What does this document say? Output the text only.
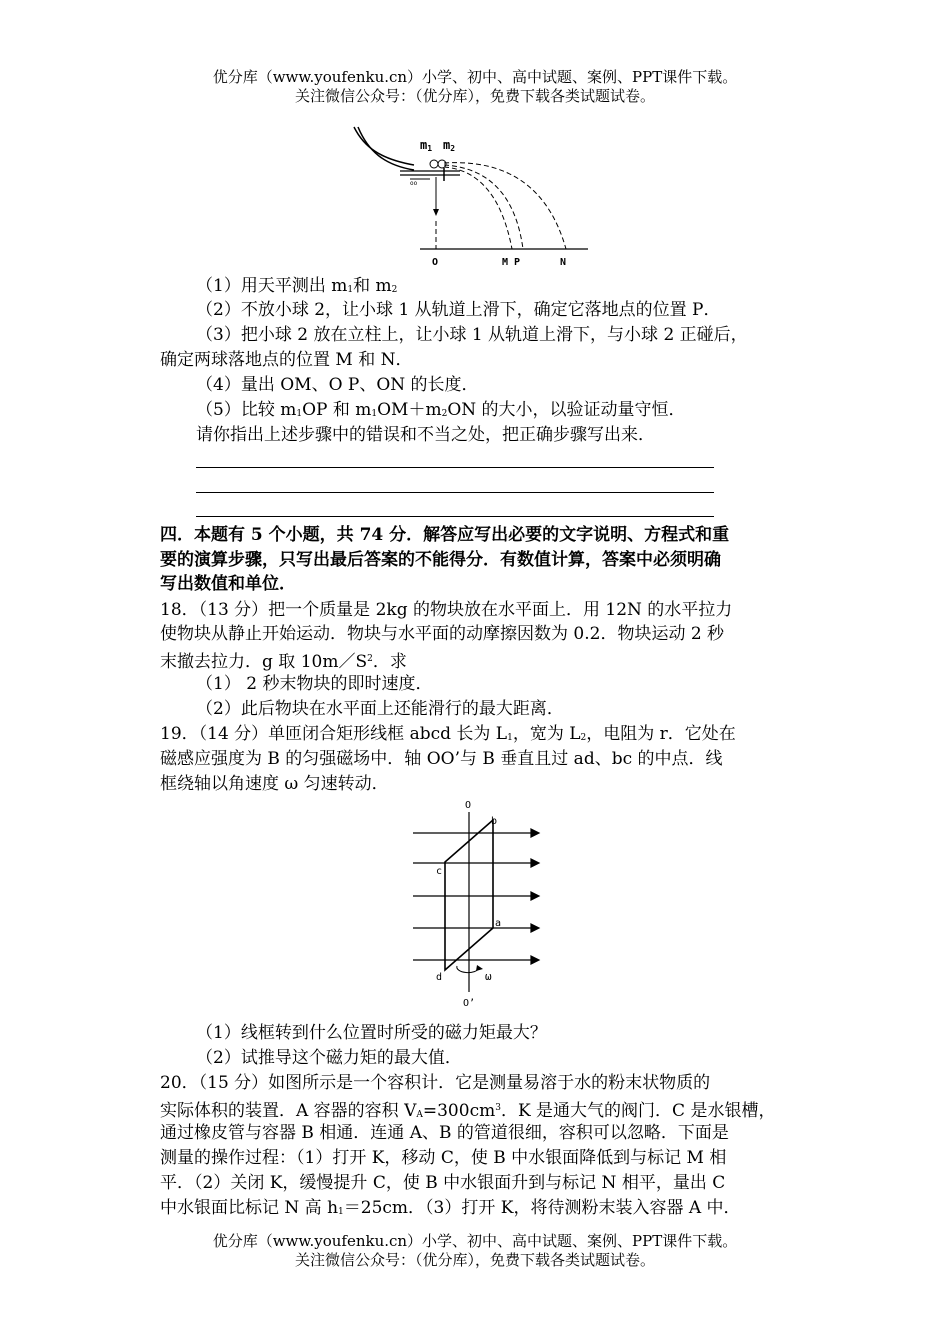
优分库（www.youfenku.cn）小学、初中、高中试题、案例、PPT课件下载。
关注微信公众号：（优分库），免费下载各类试题试卷。
oo
m1 m2
O	M P	N
（1）用天平测出 m1和 m2
（2）不放小球 2，让小球 1 从轨道上滑下，确定它落地点的位置 P．
（3）把小球 2 放在立柱上，让小球 1 从轨道上滑下，与小球 2 正碰后，
确定两球落地点的位置 M 和 N．
（4）量出 OM、O P、ON 的长度．
（5）比较 m1OP 和 m1OM＋m2ON 的大小，以验证动量守恒．
请你指出上述步骤中的错误和不当之处，把正确步骤写出来．
四．本题有 5 个小题，共 74 分．解答应写出必要的文字说明、方程式和重
要的演算步骤，只写出最后答案的不能得分．有数值计算，答案中必须明确
写出数值和单位．
18．（13 分）把一个质量是 2kg 的物块放在水平面上．用 12N 的水平拉力
使物块从静止开始运动．物块与水平面的动摩擦因数为 0.2．物块运动 2 秒
末撤去拉力．g 取 $10m/S^2$．求
（1） 2 秒末物块的即时速度．
（2）此后物块在水平面上还能滑行的最大距离．
19．（14 分）单匝闭合矩形线框 abcd 长为 L1，宽为 L2，电阻为 r．它处在
磁感应强度为 B 的匀强磁场中．轴 OO’与 B 垂直且过 ad、bc 的中点．线
框绕轴以角速度 ω 匀速转动．
O
O’
b
a
c
d	ω
（1）线框转到什么位置时所受的磁力矩最大？
（2）试推导这个磁力矩的最大值．
20．（15 分）如图所示是一个容积计．它是测量易溶于水的粉末状物质的
实际体积的装置．A 容器的容积 $VA=300cm^3$．K 是通大气的阀门．C 是水银槽，
通过橡皮管与容器 B 相通．连通 A、B 的管道很细，容积可以忽略．下面是
测量的操作过程：（1）打开 K，移动 C，使 B 中水银面降低到与标记 M 相
平．（2）关闭 K，缓慢提升 C，使 B 中水银面升到与标记 N 相平，量出 C
中水银面比标记 N 高 h1＝25cm．（3）打开 K，将待测粉末装入容器 A 中．
优分库（www.youfenku.cn）小学、初中、高中试题、案例、PPT课件下载。
关注微信公众号：（优分库），免费下载各类试题试卷。
